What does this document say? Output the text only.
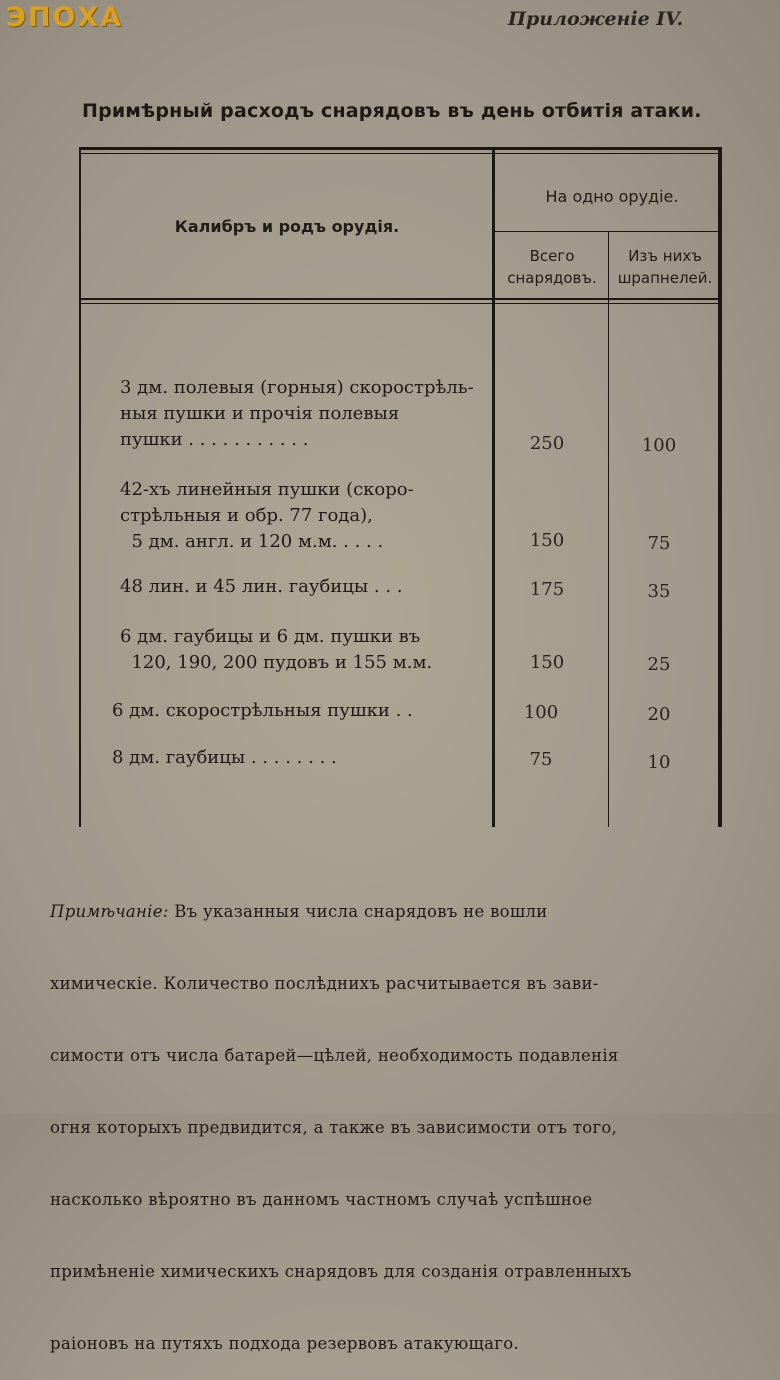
ЭПОХА	Приложеніе IV.
Примѣрный расходъ снарядовъ въ день отбитія атаки.
Калибръ и родъ орудія.
На одно орудіе.
Всего
снарядовъ.
Изъ нихъ
шрапнелей.
3 дм. полевыя (горныя) скорострѣль-
ныя пушки и прочія полевыя
пушки . . . . . . . . . . .	250	100
42-хъ линейныя пушки (скоро-
стрѣльныя и обр. 77 года),
5 дм. англ. и 120 м.м. . . . .	150	75
48 лин. и 45 лин. гаубицы . . .	175	35
6 дм. гаубицы и 6 дм. пушки въ
120, 190, 200 пудовъ и 155 м.м.	150	25
6 дм. скорострѣльныя пушки . .	100	20
8 дм. гаубицы . . . . . . . .	75	10

Примѣчаніе: Въ указанныя числа снарядовъ не вошли

химическіе. Количество послѣднихъ расчитывается въ зави-

симости отъ числа батарей—цѣлей, необходимость подавленія

огня которыхъ предвидится, а также въ зависимости отъ того,

насколько вѣроятно въ данномъ частномъ случаѣ успѣшное

примѣненіе химическихъ снарядовъ для созданія отравленныхъ

раіоновъ на путяхъ подхода резервовъ атакующаго.
